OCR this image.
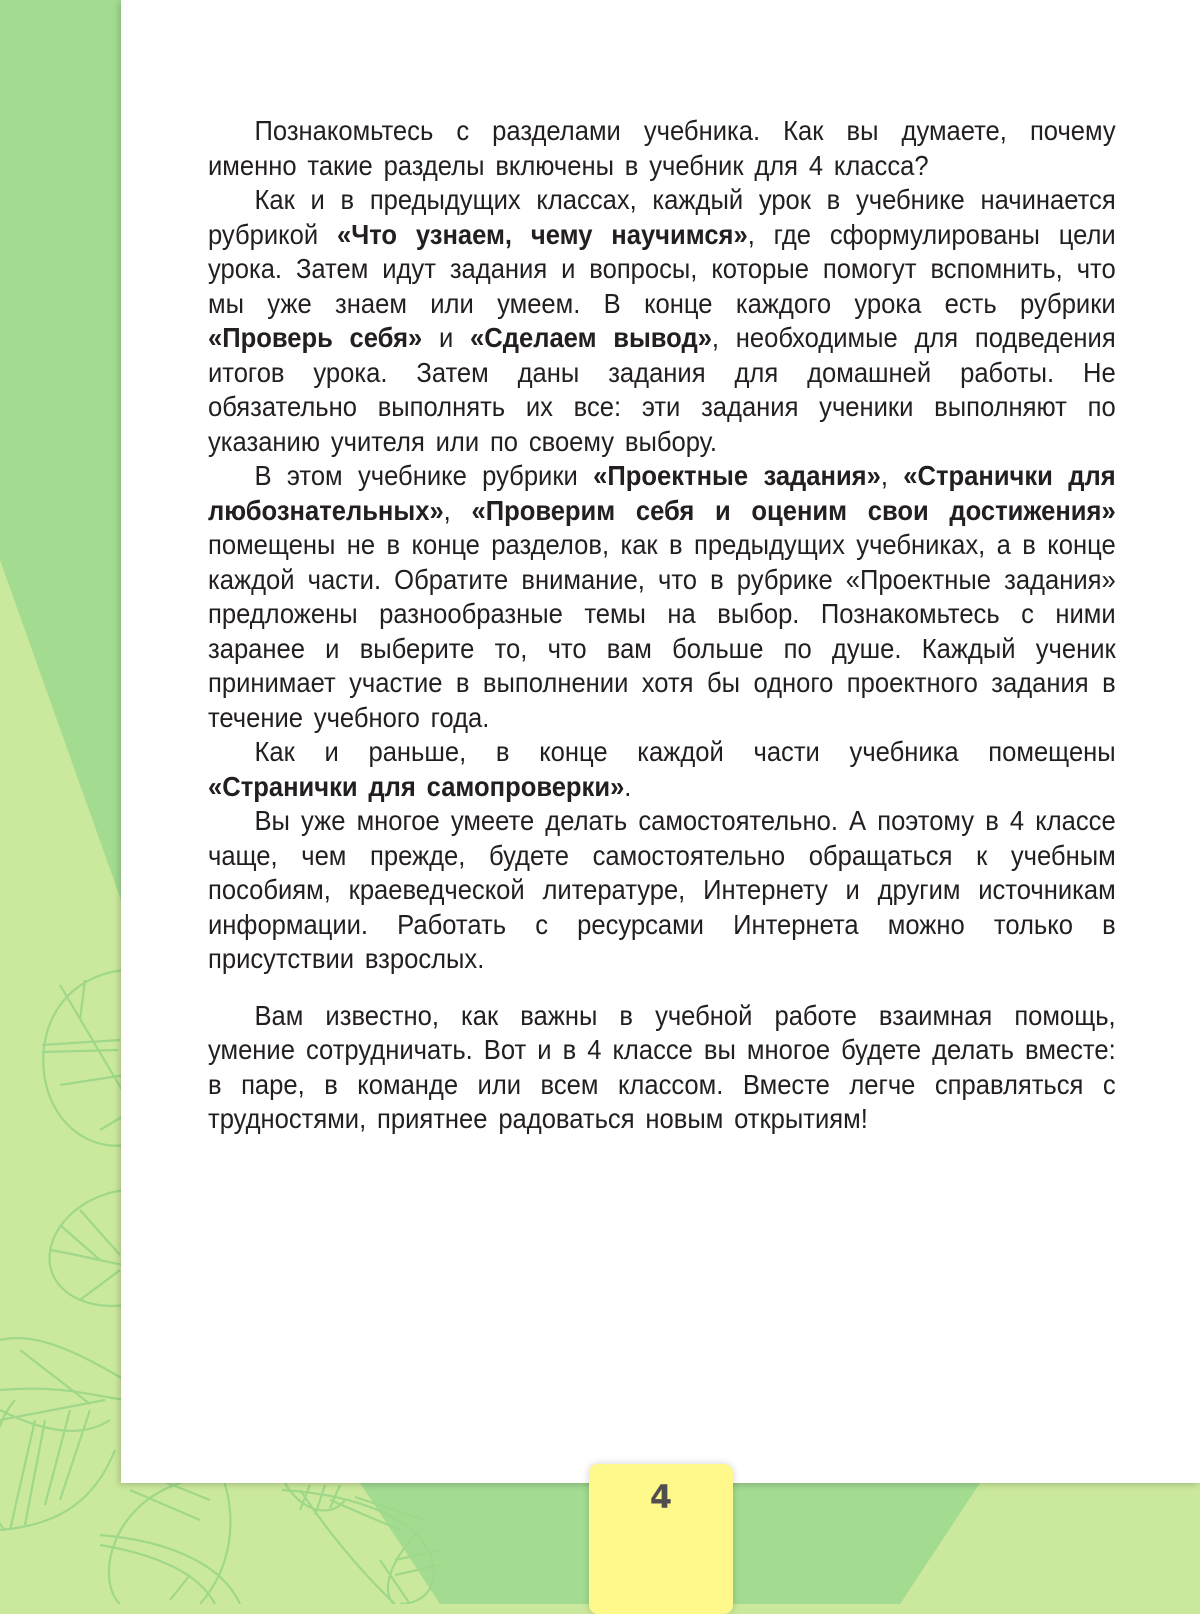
Познакомьтесь с разделами учебника. Как вы думаете, почему именно такие разделы включены в учебник для 4 класса?

Как и в предыдущих классах, каждый урок в учебнике начинается рубрикой «Что узнаем, чему научимся», где сформулированы цели урока. Затем идут задания и вопросы, которые помогут вспомнить, что мы уже знаем или умеем. В конце каждого урока есть рубрики «Проверь себя» и «Сделаем вывод», необходимые для подведения итогов урока. Затем даны задания для домашней работы. Не обязательно выполнять их все: эти задания ученики выполняют по указанию учителя или по своему выбору.

В этом учебнике рубрики «Проектные задания», «Странички для любознательных», «Проверим себя и оценим свои достижения» помещены не в конце разделов, как в предыдущих учебниках, а в конце каждой части. Обратите внимание, что в рубрике «Проектные задания» предложены разнообразные темы на выбор. Познакомьтесь с ними заранее и выберите то, что вам больше по душе. Каждый ученик принимает участие в выполнении хотя бы одного проектного задания в течение учебного года.

Как и раньше, в конце каждой части учебника помещены «Странички для самопроверки».

Вы уже многое умеете делать самостоятельно. А поэтому в 4 классе чаще, чем прежде, будете самостоятельно обращаться к учебным пособиям, краеведческой литературе, Интернету и другим источникам информации. Работать с ресурсами Интернета можно только в присутствии взрослых.

Вам известно, как важны в учебной работе взаимная помощь, умение сотрудничать. Вот и в 4 классе вы многое будете делать вместе: в паре, в команде или всем классом. Вместе легче справляться с трудностями, приятнее радоваться новым открытиям!

4
